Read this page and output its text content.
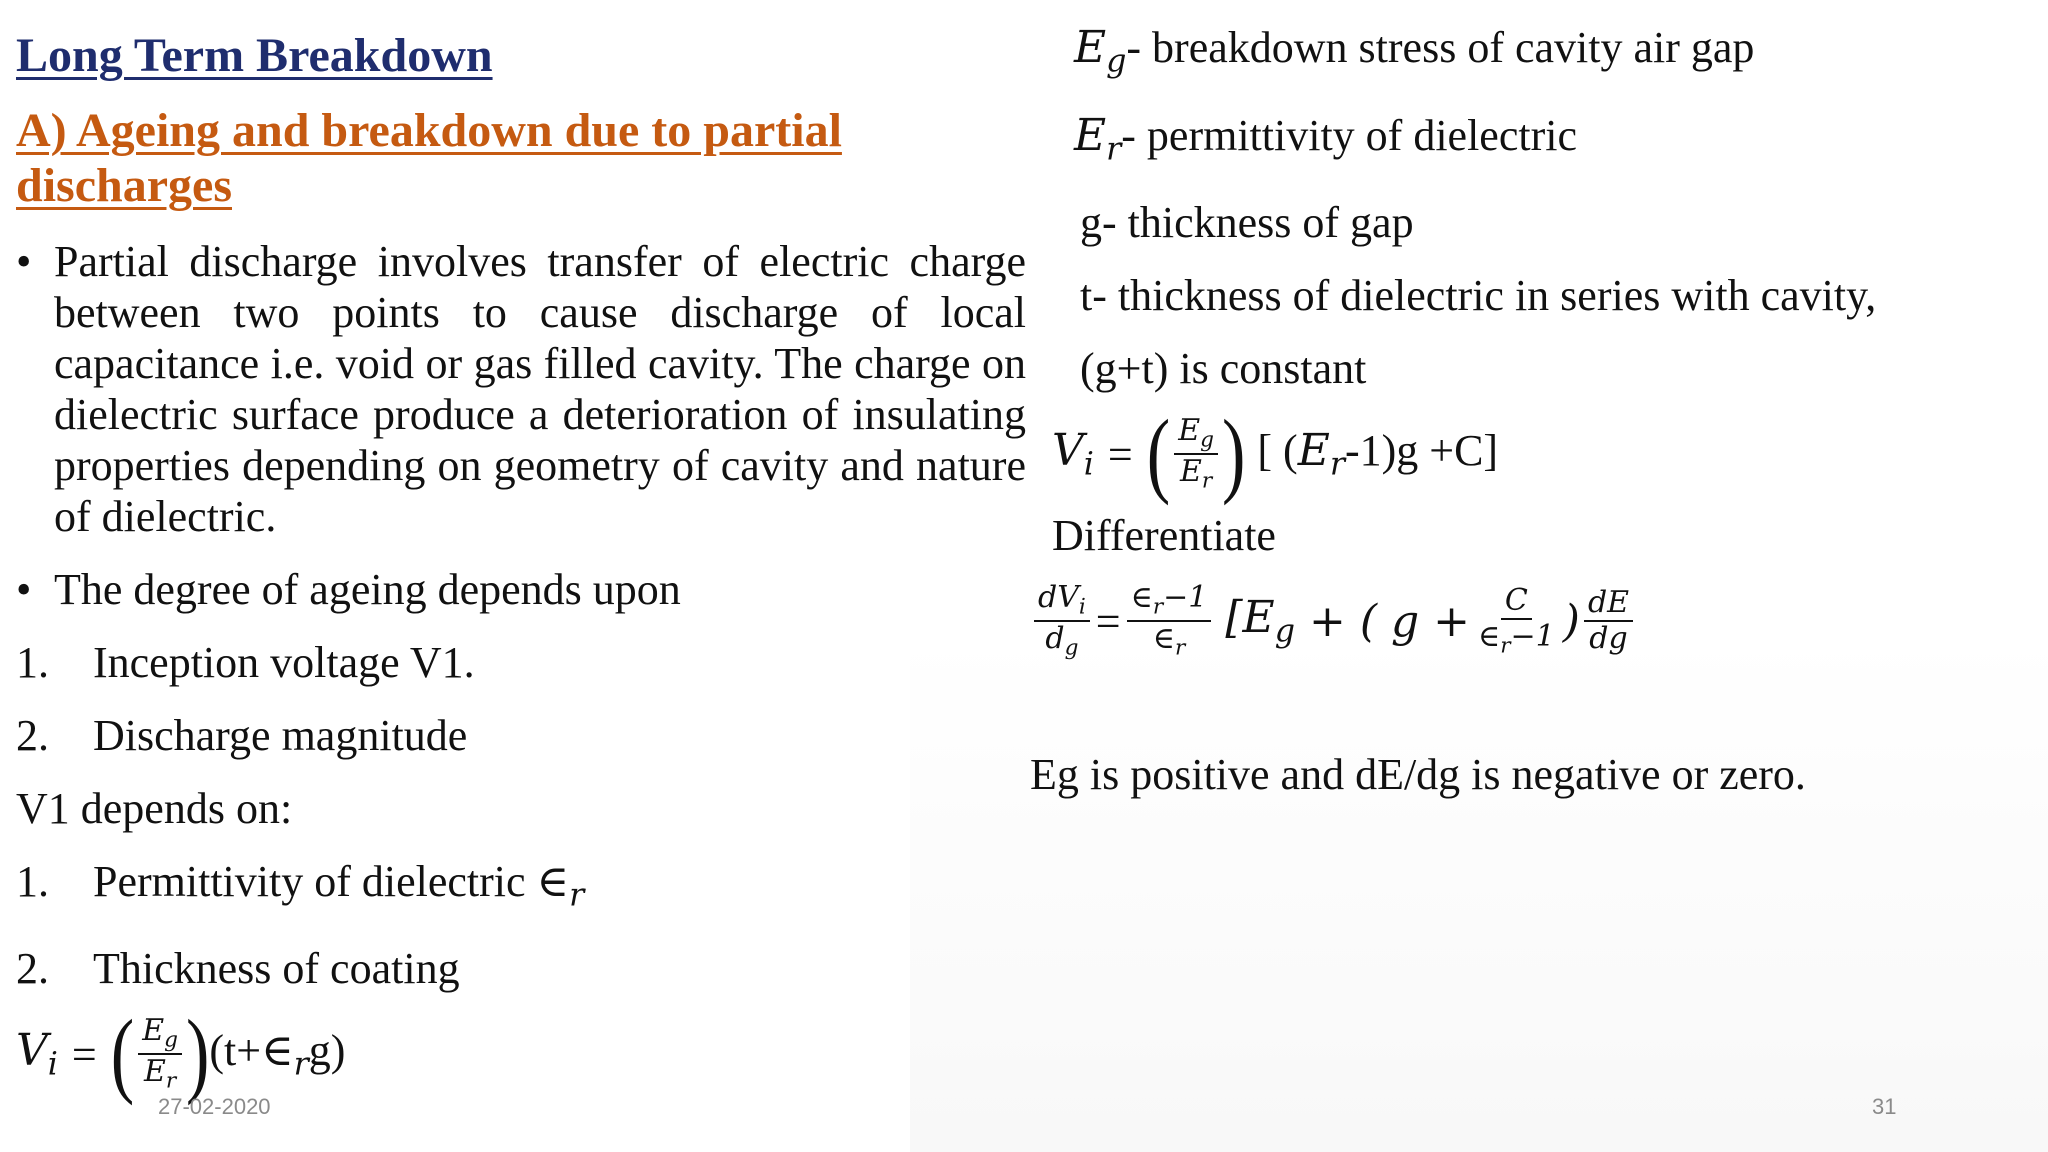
Long Term Breakdown
A) Ageing and breakdown due to partial discharges
• Partial discharge involves transfer of electric charge between two points to cause discharge of local capacitance i.e. void or gas filled cavity. The charge on dielectric surface produce a deterioration of insulating properties depending on geometry of cavity and nature of dielectric.
• The degree of ageing depends upon
1.	Inception voltage V1.
2.	Discharge magnitude
V1 depends on:
1.	Permittivity of dielectric $\in_r$
2.	Thickness of coating
$V_i$ = ( $\frac{E_g}{E_r}$ ) $(t+\in_rg)$
$E_g-$ breakdown stress of cavity air gap
$E_r-$ permittivity of dielectric
g- thickness of gap
t- thickness of dielectric in series with cavity,
(g+t) is constant
$V_i$ = ( $\frac{E_g}{E_r}$ ) [ $(E_r-1)g +C$]
Differentiate
$\frac{dV_i}{d_g} = \frac{\in_r-1}{\in_r} [E_g$ + ( $g + \frac{C}{\in_r-1}$ ) $\frac{dE}{dg}$
Eg is positive and dE/dg is negative or zero.
27-02-2020	31
